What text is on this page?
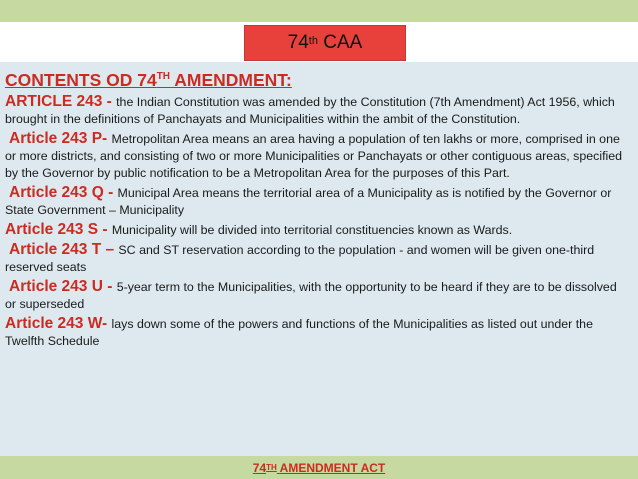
74th CAA
CONTENTS OD 74TH AMENDMENT:

ARTICLE 243 - the Indian Constitution was amended by the Constitution (7th Amendment) Act 1956, which brought in the definitions of Panchayats and Municipalities within the ambit of the Constitution.

Article 243 P- Metropolitan Area means an area having a population of ten lakhs or more, comprised in one or more districts, and consisting of two or more Municipalities or Panchayats or other contiguous areas, specified by the Governor by public notification to be a Metropolitan Area for the purposes of this Part.

Article 243 Q - Municipal Area means the territorial area of a Municipality as is notified by the Governor or State Government – Municipality

Article 243 S - Municipality will be divided into territorial constituencies known as Wards.

Article 243 T – SC and ST reservation according to the population - and women will be given one-third reserved seats

Article 243 U - 5-year term to the Municipalities, with the opportunity to be heard if they are to be dissolved or superseded

Article 243 W- lays down some of the powers and functions of the Municipalities as listed out under the Twelfth Schedule

74 TH AMENDMENT ACT
